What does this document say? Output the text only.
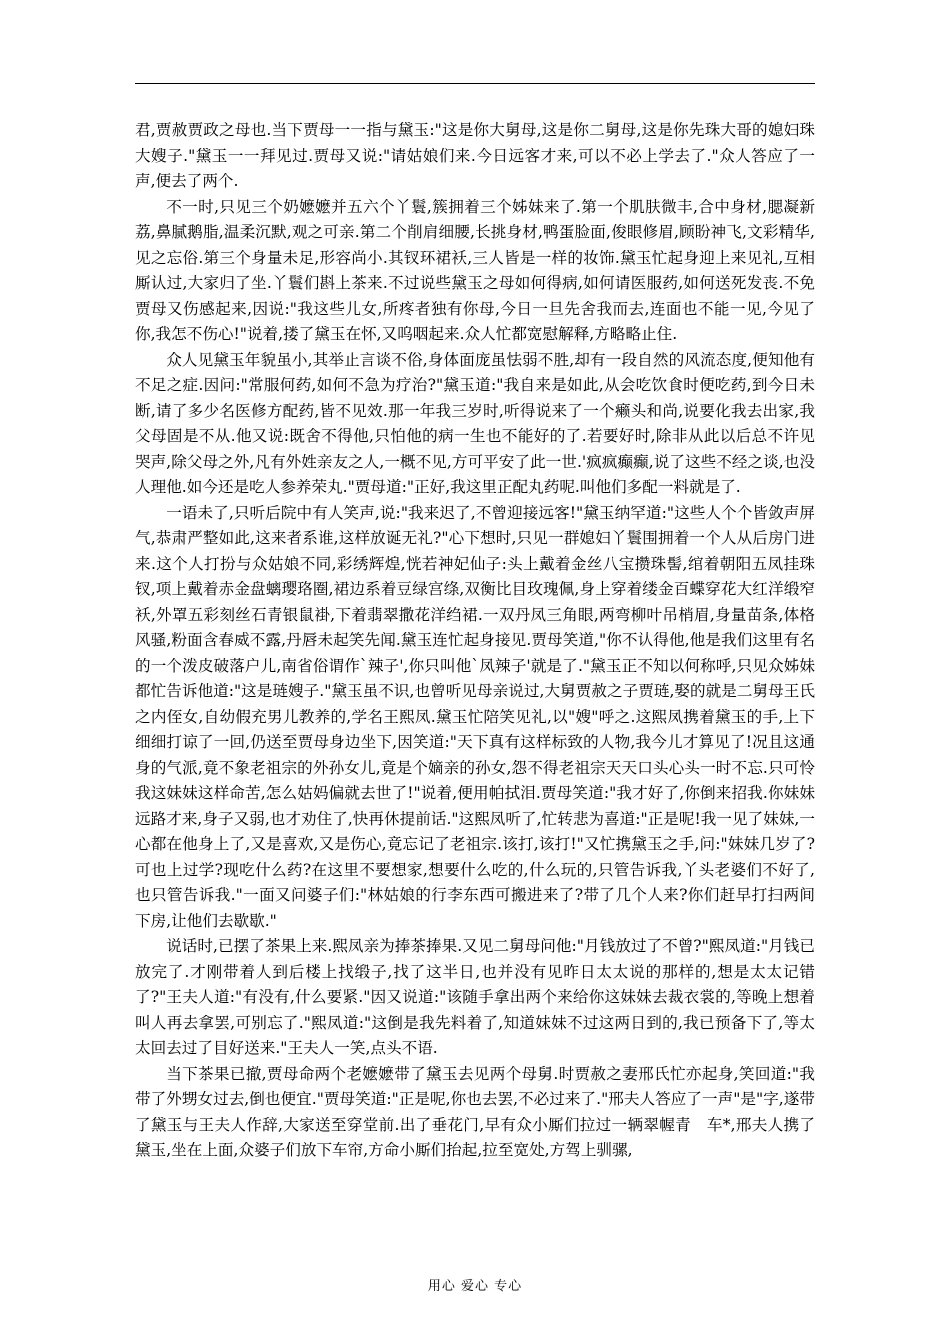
君,贾赦贾政之母也.当下贾母一一指与黛玉:"这是你大舅母,这是你二舅母,这是你先珠大哥的媳妇珠大嫂子."黛玉一一拜见过.贾母又说:"请姑娘们来.今日远客才来,可以不必上学去了."众人答应了一声,便去了两个.

不一时,只见三个奶嬷嬷并五六个丫鬟,簇拥着三个姊妹来了.第一个肌肤微丰,合中身材,腮凝新荔,鼻腻鹅脂,温柔沉默,观之可亲.第二个削肩细腰,长挑身材,鸭蛋脸面,俊眼修眉,顾盼神飞,文彩精华,见之忘俗.第三个身量未足,形容尚小.其钗环裙袄,三人皆是一样的妆饰.黛玉忙起身迎上来见礼,互相厮认过,大家归了坐.丫鬟们斟上茶来.不过说些黛玉之母如何得病,如何请医服药,如何送死发丧.不免贾母又伤感起来,因说:"我这些儿女,所疼者独有你母,今日一旦先舍我而去,连面也不能一见,今见了你,我怎不伤心!"说着,搂了黛玉在怀,又呜咽起来.众人忙都宽慰解释,方略略止住.

众人见黛玉年貌虽小,其举止言谈不俗,身体面庞虽怯弱不胜,却有一段自然的风流态度,便知他有不足之症.因问:"常服何药,如何不急为疗治?"黛玉道:"我自来是如此,从会吃饮食时便吃药,到今日未断,请了多少名医修方配药,皆不见效.那一年我三岁时,听得说来了一个癞头和尚,说要化我去出家,我父母固是不从.他又说:既舍不得他,只怕他的病一生也不能好的了.若要好时,除非从此以后总不许见哭声,除父母之外,凡有外姓亲友之人,一概不见,方可平安了此一世.'疯疯癫癫,说了这些不经之谈,也没人理他.如今还是吃人参养荣丸."贾母道:"正好,我这里正配丸药呢.叫他们多配一料就是了.

一语未了,只听后院中有人笑声,说:"我来迟了,不曾迎接远客!"黛玉纳罕道:"这些人个个皆敛声屏气,恭肃严整如此,这来者系谁,这样放诞无礼?"心下想时,只见一群媳妇丫鬟围拥着一个人从后房门进来.这个人打扮与众姑娘不同,彩绣辉煌,恍若神妃仙子:头上戴着金丝八宝攒珠髻,绾着朝阳五凤挂珠钗,项上戴着赤金盘螭璎珞圈,裙边系着豆绿宫绦,双衡比目玫瑰佩,身上穿着缕金百蝶穿花大红洋缎窄　袄,外罩五彩刻丝石青银鼠褂,下着翡翠撒花洋绉裙.一双丹凤三角眼,两弯柳叶吊梢眉,身量苗条,体格风骚,粉面含春威不露,丹唇未起笑先闻.黛玉连忙起身接见.贾母笑道,"你不认得他,他是我们这里有名的一个泼皮破落户儿,南省俗谓作`辣子',你只叫他`凤辣子'就是了."黛玉正不知以何称呼,只见众姊妹都忙告诉他道:"这是琏嫂子."黛玉虽不识,也曾听见母亲说过,大舅贾赦之子贾琏,娶的就是二舅母王氏之内侄女,自幼假充男儿教养的,学名王熙凤.黛玉忙陪笑见礼,以"嫂"呼之.这熙凤携着黛玉的手,上下细细打谅了一回,仍送至贾母身边坐下,因笑道:"天下真有这样标致的人物,我今儿才算见了!况且这通身的气派,竟不象老祖宗的外孙女儿,竟是个嫡亲的孙女,怨不得老祖宗天天口头心头一时不忘.只可怜我这妹妹这样命苦,怎么姑妈偏就去世了!"说着,便用帕拭泪.贾母笑道:"我才好了,你倒来招我.你妹妹远路才来,身子又弱,也才劝住了,快再休提前话."这熙凤听了,忙转悲为喜道:"正是呢!我一见了妹妹,一心都在他身上了,又是喜欢,又是伤心,竟忘记了老祖宗.该打,该打!"又忙携黛玉之手,问:"妹妹几岁了?可也上过学?现吃什么药?在这里不要想家,想要什么吃的,什么玩的,只管告诉我,丫头老婆们不好了,也只管告诉我."一面又问婆子们:"林姑娘的行李东西可搬进来了?带了几个人来?你们赶早打扫两间下房,让他们去歇歇."

说话时,已摆了茶果上来.熙凤亲为捧茶捧果.又见二舅母问他:"月钱放过了不曾?"熙凤道:"月钱已放完了.才刚带着人到后楼上找缎子,找了这半日,也并没有见昨日太太说的那样的,想是太太记错了?"王夫人道:"有没有,什么要紧."因又说道:"该随手拿出两个来给你这妹妹去裁衣裳的,等晚上想着叫人再去拿罢,可别忘了."熙凤道:"这倒是我先料着了,知道妹妹不过这两日到的,我已预备下了,等太太回去过了目好送来."王夫人一笑,点头不语.

当下茶果已撤,贾母命两个老嬷嬷带了黛玉去见两个母舅.时贾赦之妻邢氏忙亦起身,笑回道:"我带了外甥女过去,倒也便宜."贾母笑道:"正是呢,你也去罢,不必过来了."邢夫人答应了一声"是"字,遂带了黛玉与王夫人作辞,大家送至穿堂前.出了垂花门,早有众小厮们拉过一辆翠幄青　车*,邢夫人携了黛玉,坐在上面,众婆子们放下车帘,方命小厮们抬起,拉至宽处,方驾上驯骡,

用心 爱心 专心
